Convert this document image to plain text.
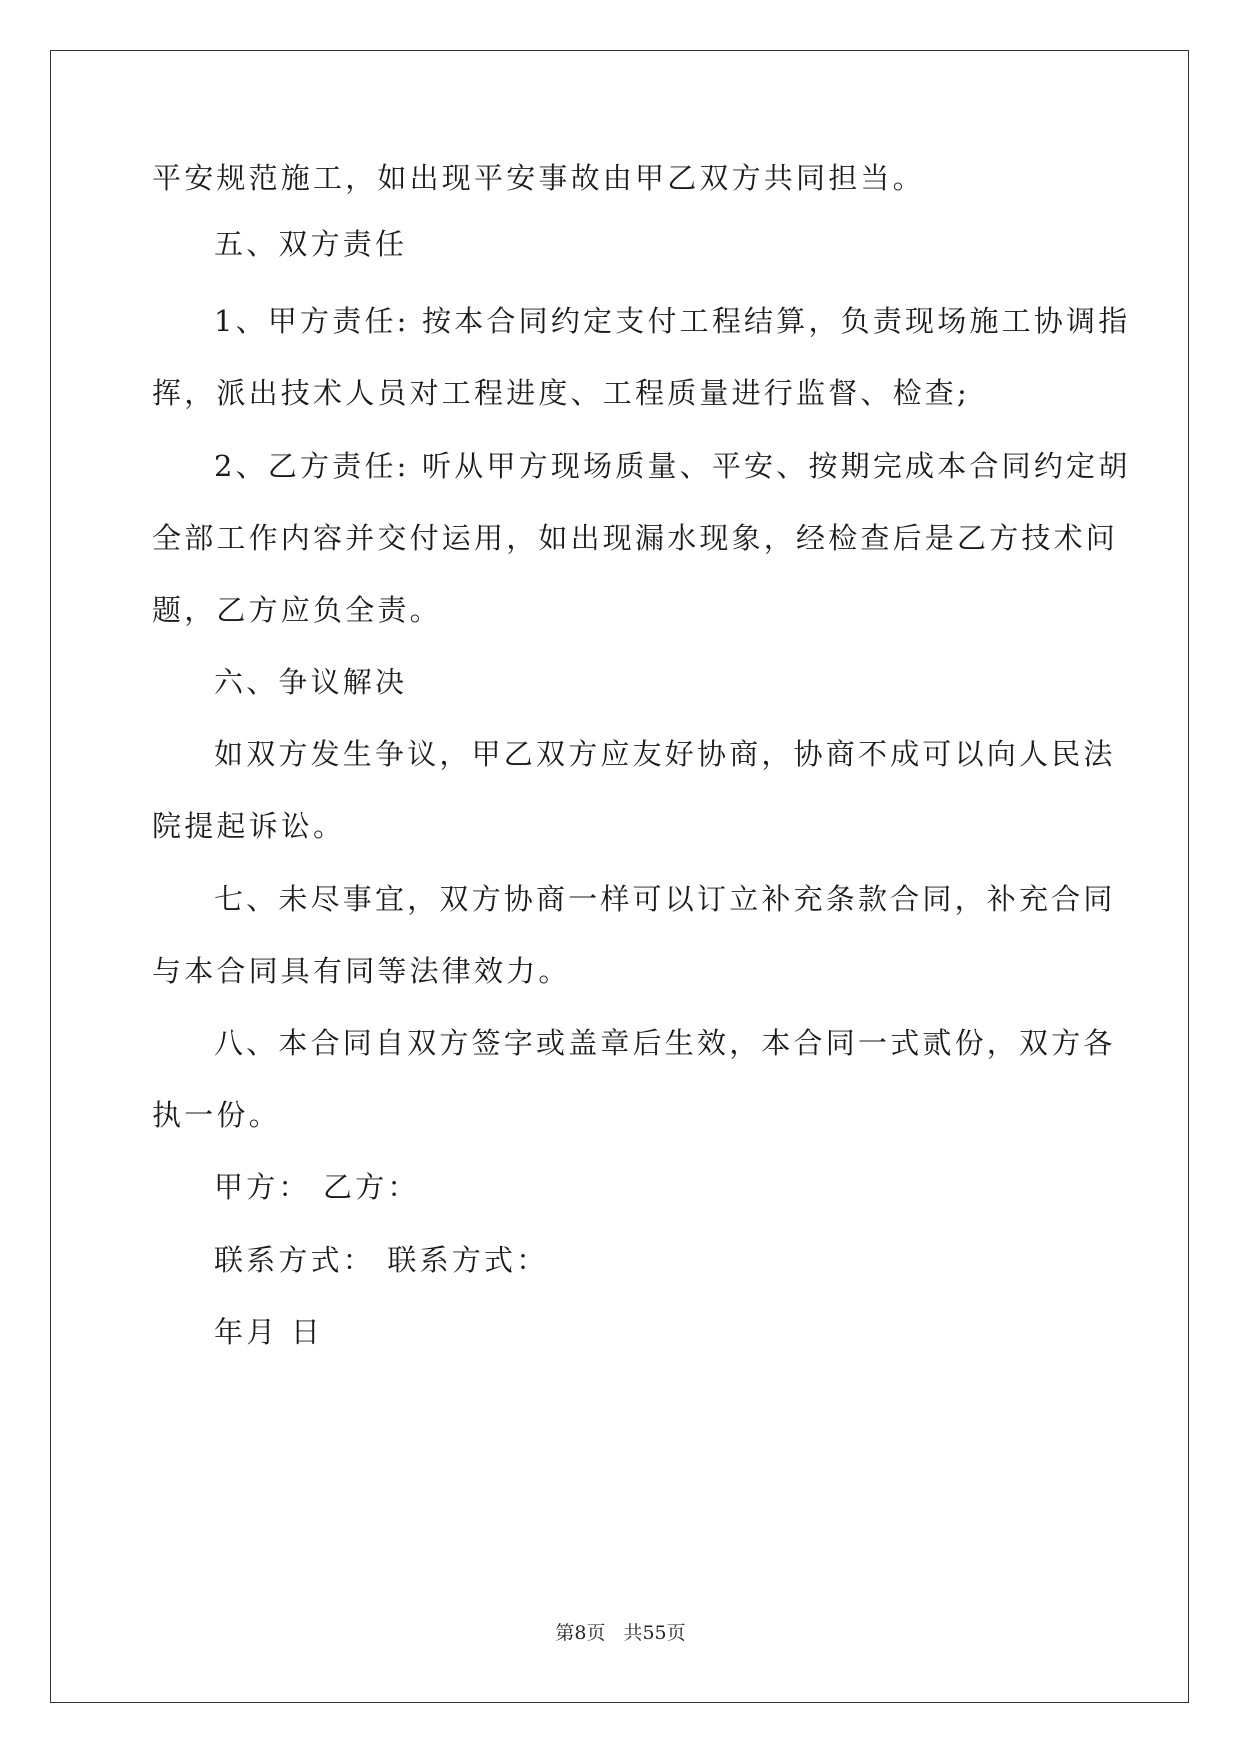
平安规范施工，如出现平安事故由甲乙双方共同担当。
五、双方责任
1、甲方责任: 按本合同约定支付工程结算，负责现场施工协调指
挥，派出技术人员对工程进度、工程质量进行监督、检查;
2、乙方责任: 听从甲方现场质量、平安、按期完成本合同约定胡
全部工作内容并交付运用，如出现漏水现象，经检查后是乙方技术问
题，乙方应负全责。
六、争议解决
如双方发生争议，甲乙双方应友好协商，协商不成可以向人民法
院提起诉讼。
七、未尽事宜，双方协商一样可以订立补充条款合同，补充合同
与本合同具有同等法律效力。
八、本合同自双方签字或盖章后生效，本合同一式贰份，双方各
执一份。
甲方： 乙方：
联系方式： 联系方式：
年月 日
第8页 共55页
